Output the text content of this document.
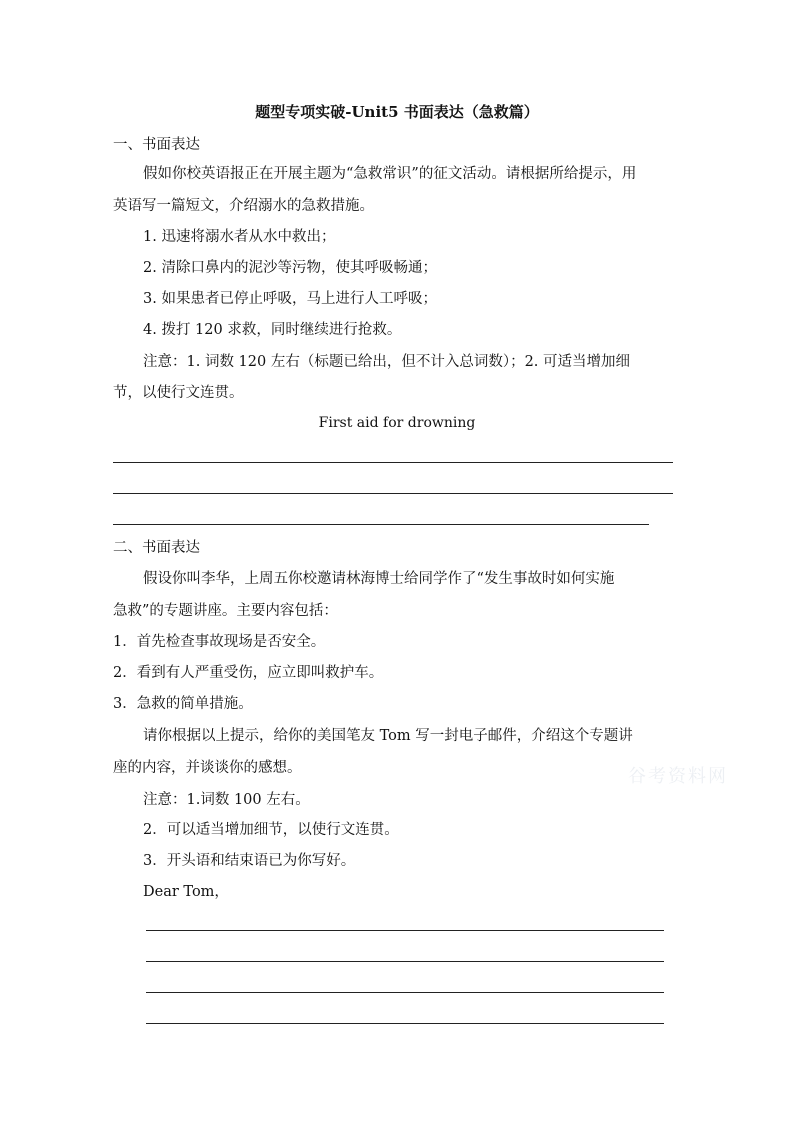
题型专项实破-Unit5 书面表达（急救篇）
一、书面表达
假如你校英语报正在开展主题为“急救常识”的征文活动。请根据所给提示，用
英语写一篇短文，介绍溺水的急救措施。
1. 迅速将溺水者从水中救出；
2. 清除口鼻内的泥沙等污物，使其呼吸畅通；
3. 如果患者已停止呼吸，马上进行人工呼吸；
4. 拨打 120 求救，同时继续进行抢救。
注意：1. 词数 120 左右（标题已给出，但不计入总词数）；2. 可适当增加细
节，以使行文连贯。
First aid for drowning
二、书面表达
假设你叫李华，上周五你校邀请林海博士给同学作了“发生事故时如何实施
急救”的专题讲座。主要内容包括：
1．首先检查事故现场是否安全。
2．看到有人严重受伤，应立即叫救护车。
3．急救的简单措施。
请你根据以上提示，给你的美国笔友 Tom 写一封电子邮件，介绍这个专题讲
座的内容，并谈谈你的感想。
注意：1.词数 100 左右。
2．可以适当增加细节，以使行文连贯。
3．开头语和结束语已为你写好。
Dear Tom，
谷考资料网
